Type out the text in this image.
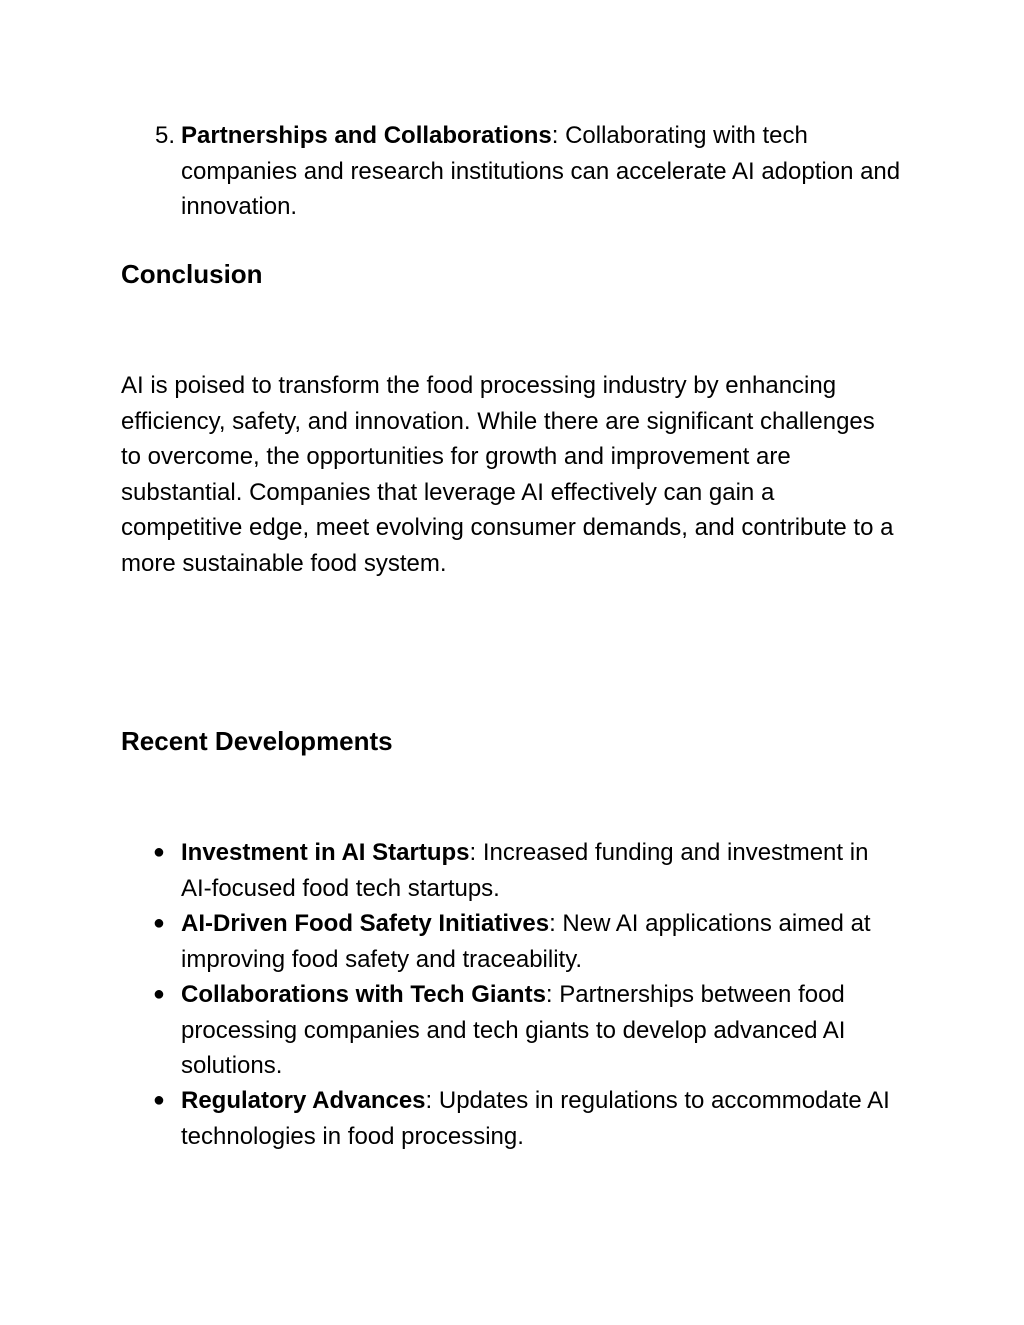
5. Partnerships and Collaborations: Collaborating with tech companies and research institutions can accelerate AI adoption and innovation.
Conclusion

AI is poised to transform the food processing industry by enhancing efficiency, safety, and innovation. While there are significant challenges to overcome, the opportunities for growth and improvement are substantial. Companies that leverage AI effectively can gain a competitive edge, meet evolving consumer demands, and contribute to a more sustainable food system.

Recent Developments
● Investment in AI Startups: Increased funding and investment in AI-focused food tech startups.
● AI-Driven Food Safety Initiatives: New AI applications aimed at improving food safety and traceability.
● Collaborations with Tech Giants: Partnerships between food processing companies and tech giants to develop advanced AI solutions.
● Regulatory Advances: Updates in regulations to accommodate AI technologies in food processing.
